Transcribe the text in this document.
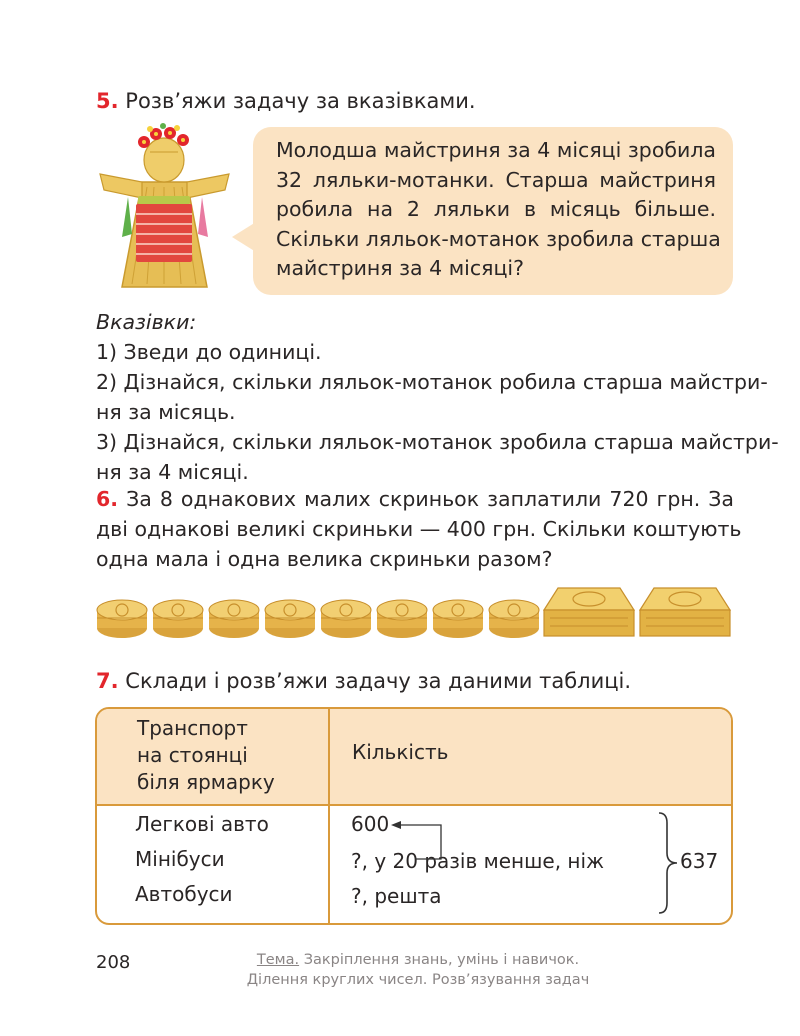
5. Розв’яжи задачу за вказівками.
Молодша майстриня за 4 місяці зробила
32 ляльки-мотанки. Старша майстриня
робила на 2 ляльки в місяць більше.
Скільки ляльок-мотанок зробила старша
майстриня за 4 місяці?
Вказівки:
1) Зведи до одиниці.
2) Дізнайся, скільки ляльок-мотанок робила старша майстри-
ня за місяць.
3) Дізнайся, скільки ляльок-мотанок зробила старша майстри-
ня за 4 місяці.
6. За 8 однакових малих скриньок заплатили 720 грн. За
дві однакові великі скриньки — 400 грн. Скільки коштують
одна мала і одна велика скриньки разом?
7. Склади і розв’яжи задачу за даними таблиці.
Транспорт
на стоянці
біля ярмарку
Кількість
Легкові авто
Мінібуси
Автобуси
600
?, у 20 разів менше, ніж
?, решта
637
208	Тема. Закріплення знань, умінь і навичок.
Ділення круглих чисел. Розв’язування задач
